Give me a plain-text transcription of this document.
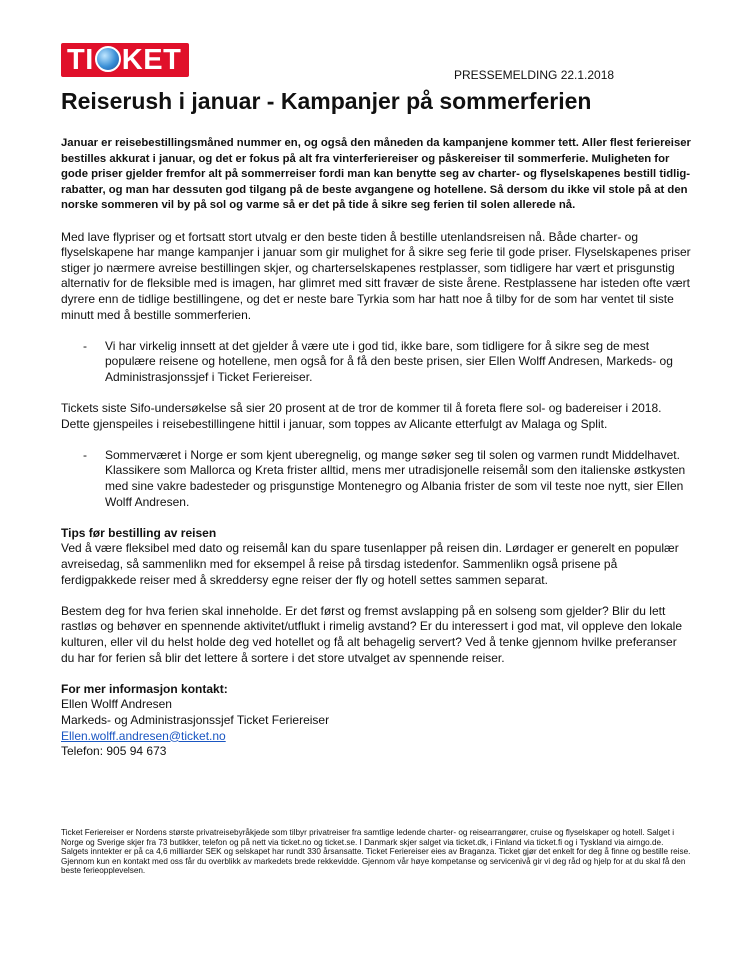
TI KET	PRESSEMELDING 22.1.2018
Reiserush i januar - Kampanjer på sommerferien

Januar er reisebestillingsmåned nummer en, og også den måneden da kampanjene kommer tett. Aller flest feriereiser bestilles akkurat i januar, og det er fokus på alt fra vinterferiereiser og påskereiser til sommerferie. Muligheten for gode priser gjelder fremfor alt på sommerreiser fordi man kan benytte seg av charter- og flyselskapenes bestill tidlig-rabatter, og man har dessuten god tilgang på de beste avgangene og hotellene. Så dersom du ikke vil stole på at den norske sommeren vil by på sol og varme så er det på tide å sikre seg ferien til solen allerede nå.

Med lave flypriser og et fortsatt stort utvalg er den beste tiden å bestille utenlandsreisen nå. Både charter- og flyselskapene har mange kampanjer i januar som gir mulighet for å sikre seg ferie til gode priser. Flyselskapenes priser stiger jo nærmere avreise bestillingen skjer, og charterselskapenes restplasser, som tidligere har vært et prisgunstig alternativ for de fleksible med is imagen, har glimret med sitt fravær de siste årene. Restplassene har isteden ofte vært dyrere enn de tidlige bestillingene, og det er neste bare Tyrkia som har hatt noe å tilby for de som har ventet til siste minutt med å bestille sommerferien.

- Vi har virkelig innsett at det gjelder å være ute i god tid, ikke bare, som tidligere for å sikre seg de mest populære reisene og hotellene, men også for å få den beste prisen, sier Ellen Wolff Andresen, Markeds- og Administrasjonssjef i Ticket Feriereiser.

Tickets siste Sifo-undersøkelse så sier 20 prosent at de tror de kommer til å foreta flere sol- og badereiser i 2018. Dette gjenspeiles i reisebestillingene hittil i januar, som toppes av Alicante etterfulgt av Malaga og Split.

- Sommerværet i Norge er som kjent uberegnelig, og mange søker seg til solen og varmen rundt Middelhavet. Klassikere som Mallorca og Kreta frister alltid, mens mer utradisjonelle reisemål som den italienske østkysten med sine vakre badesteder og prisgunstige Montenegro og Albania frister de som vil teste noe nytt, sier Ellen Wolff Andresen.

Tips før bestilling av reisen

Ved å være fleksibel med dato og reisemål kan du spare tusenlapper på reisen din. Lørdager er generelt en populær avreisedag, så sammenlikn med for eksempel å reise på tirsdag istedenfor. Sammenlikn også prisene på ferdigpakkede reiser med å skreddersy egne reiser der fly og hotell settes sammen separat.

Bestem deg for hva ferien skal inneholde. Er det først og fremst avslapping på en solseng som gjelder? Blir du lett rastløs og behøver en spennende aktivitet/utflukt i rimelig avstand? Er du interessert i god mat, vil oppleve den lokale kulturen, eller vil du helst holde deg ved hotellet og få alt behagelig servert? Ved å tenke gjennom hvilke preferanser du har for ferien så blir det lettere å sortere i det store utvalget av spennende reiser.

For mer informasjon kontakt:

Ellen Wolff Andresen

Markeds- og Administrasjonssjef Ticket Feriereiser

Ellen.wolff.andresen@ticket.no

Telefon: 905 94 673

Ticket Feriereiser er Nordens største privatreisebyråkjede som tilbyr privatreiser fra samtlige ledende charter- og reisearrangører, cruise og flyselskaper og hotell. Salget i Norge og Sverige skjer fra 73 butikker, telefon og på nett via ticket.no og ticket.se. I Danmark skjer salget via ticket.dk, i Finland via ticket.fi og i Tyskland via airngo.de. Salgets inntekter er på ca 4,6 milliarder SEK og selskapet har rundt 330 årsansatte. Ticket Feriereiser eies av Braganza. Ticket gjør det enkelt for deg å finne og bestille reise. Gjennom kun en kontakt med oss får du overblikk av markedets brede rekkevidde. Gjennom vår høye kompetanse og servicenivå gir vi deg råd og hjelp for at du skal få den beste ferieopplevelsen.
